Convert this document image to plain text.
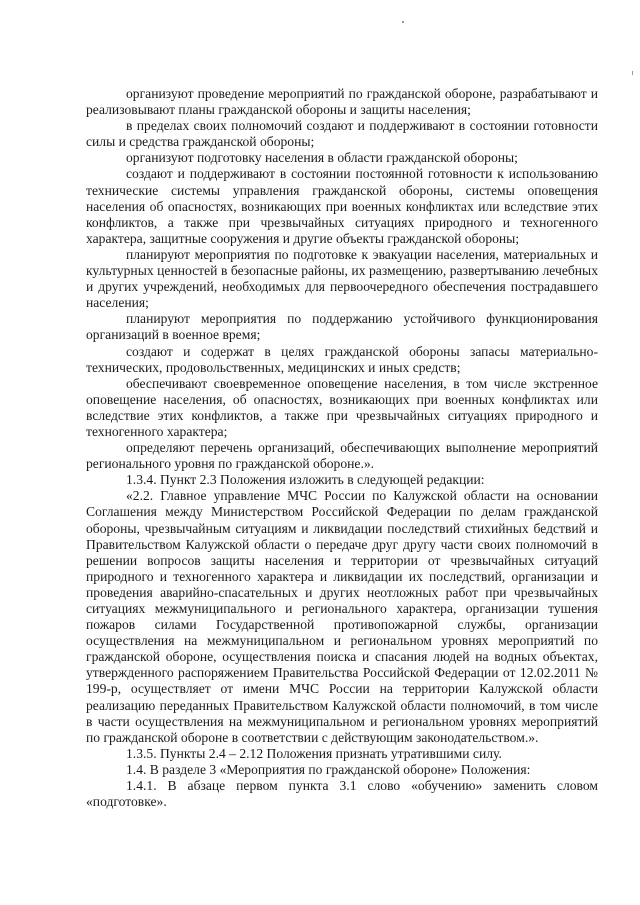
организуют проведение мероприятий по гражданской обороне, разрабатывают и реализовывают планы гражданской обороны и защиты населения;

в пределах своих полномочий создают и поддерживают в состоянии готовности силы и средства гражданской обороны;

организуют подготовку населения в области гражданской обороны;

создают и поддерживают в состоянии постоянной готовности к использованию технические системы управления гражданской обороны, системы оповещения населения об опасностях, возникающих при военных конфликтах или вследствие этих конфликтов, а также при чрезвычайных ситуациях природного и техногенного характера, защитные сооружения и другие объекты гражданской обороны;

планируют мероприятия по подготовке к эвакуации населения, материальных и культурных ценностей в безопасные районы, их размещению, развертыванию лечебных и других учреждений, необходимых для первоочередного обеспечения пострадавшего населения;

планируют мероприятия по поддержанию устойчивого функционирования организаций в военное время;

создают и содержат в целях гражданской обороны запасы материально-технических, продовольственных, медицинских и иных средств;

обеспечивают своевременное оповещение населения, в том числе экстренное оповещение населения, об опасностях, возникающих при военных конфликтах или вследствие этих конфликтов, а также при чрезвычайных ситуациях природного и техногенного характера;

определяют перечень организаций, обеспечивающих выполнение мероприятий регионального уровня по гражданской обороне.».

1.3.4. Пункт 2.3 Положения изложить в следующей редакции:

«2.2. Главное управление МЧС России по Калужской области на основании Соглашения между Министерством Российской Федерации по делам гражданской обороны, чрезвычайным ситуациям и ликвидации последствий стихийных бедствий и Правительством Калужской области о передаче друг другу части своих полномочий в решении вопросов защиты населения и территории от чрезвычайных ситуаций природного и техногенного характера и ликвидации их последствий, организации и проведения аварийно-спасательных и других неотложных работ при чрезвычайных ситуациях межмуниципального и регионального характера, организации тушения пожаров силами Государственной противопожарной службы, организации осуществления на межмуниципальном и региональном уровнях мероприятий по гражданской обороне, осуществления поиска и спасания людей на водных объектах, утвержденного распоряжением Правительства Российской Федерации от 12.02.2011 № 199-р, осуществляет от имени МЧС России на территории Калужской области реализацию переданных Правительством Калужской области полномочий, в том числе в части осуществления на межмуниципальном и региональном уровнях мероприятий по гражданской обороне в соответствии с действующим законодательством.».

1.3.5. Пункты 2.4 – 2.12 Положения признать утратившими силу.

1.4. В разделе 3 «Мероприятия по гражданской обороне» Положения:

1.4.1. В абзаце первом пункта 3.1 слово «обучению» заменить словом «подготовке».
